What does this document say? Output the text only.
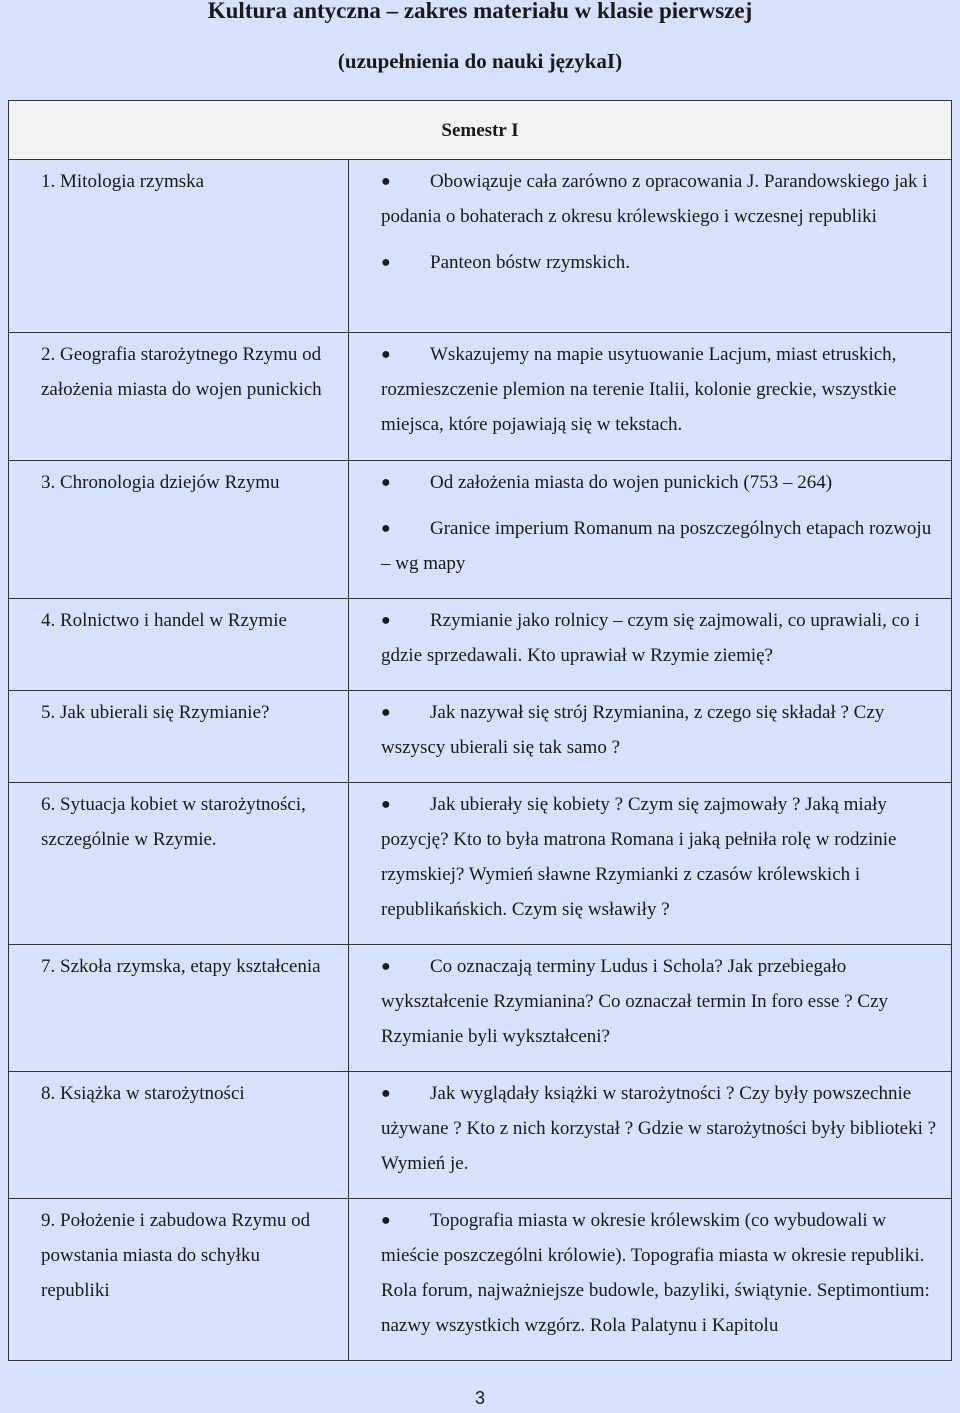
Kultura antyczna – zakres materiału w klasie pierwszej
(uzupełnienia do nauki językaI)
Semestr I	
1. Mitologia rzymska	● Obowiązuje cała zarówno z opracowania J. Parandowskiego jak i podania o bohaterach z okresu królewskiego i wczesnej republiki
● Panteon bóstw rzymskich.

2. Geografia starożytnego Rzymu od założenia miasta do wojen punickich	● Wskazujemy na mapie usytuowanie Lacjum, miast etruskich, rozmieszczenie plemion na terenie Italii, kolonie greckie, wszystkie miejsca, które pojawiają się w tekstach.

3. Chronologia dziejów Rzymu	● Od założenia miasta do wojen punickich (753 – 264)
● Granice imperium Romanum na poszczególnych etapach rozwoju – wg mapy

4. Rolnictwo i handel w Rzymie	● Rzymianie jako rolnicy – czym się zajmowali, co uprawiali, co i gdzie sprzedawali. Kto uprawiał w Rzymie ziemię?

5. Jak ubierali się Rzymianie?	● Jak nazywał się strój Rzymianina, z czego się składał ? Czy wszyscy ubierali się tak samo ?

6. Sytuacja kobiet w starożytności, szczególnie w Rzymie.	● Jak ubierały się kobiety ? Czym się zajmowały ? Jaką miały pozycję? Kto to była matrona Romana i jaką pełniła rolę w rodzinie rzymskiej? Wymień sławne Rzymianki z czasów królewskich i republikańskich. Czym się wsławiły ?

7. Szkoła rzymska, etapy kształcenia	● Co oznaczają terminy Ludus i Schola? Jak przebiegało wykształcenie Rzymianina? Co oznaczał termin In foro esse ? Czy Rzymianie byli wykształceni?

8. Książka w starożytności	● Jak wyglądały książki w starożytności ? Czy były powszechnie używane ? Kto z nich korzystał ? Gdzie w starożytności były biblioteki ? Wymień je.

9. Położenie i zabudowa Rzymu od powstania miasta do schyłku republiki	● Topografia miasta w okresie królewskim (co wybudowali w mieście poszczególni królowie). Topografia miasta w okresie republiki. Rola forum, najważniejsze budowle, bazyliki, świątynie. Septimontium: nazwy wszystkich wzgórz. Rola Palatynu i Kapitolu
3
